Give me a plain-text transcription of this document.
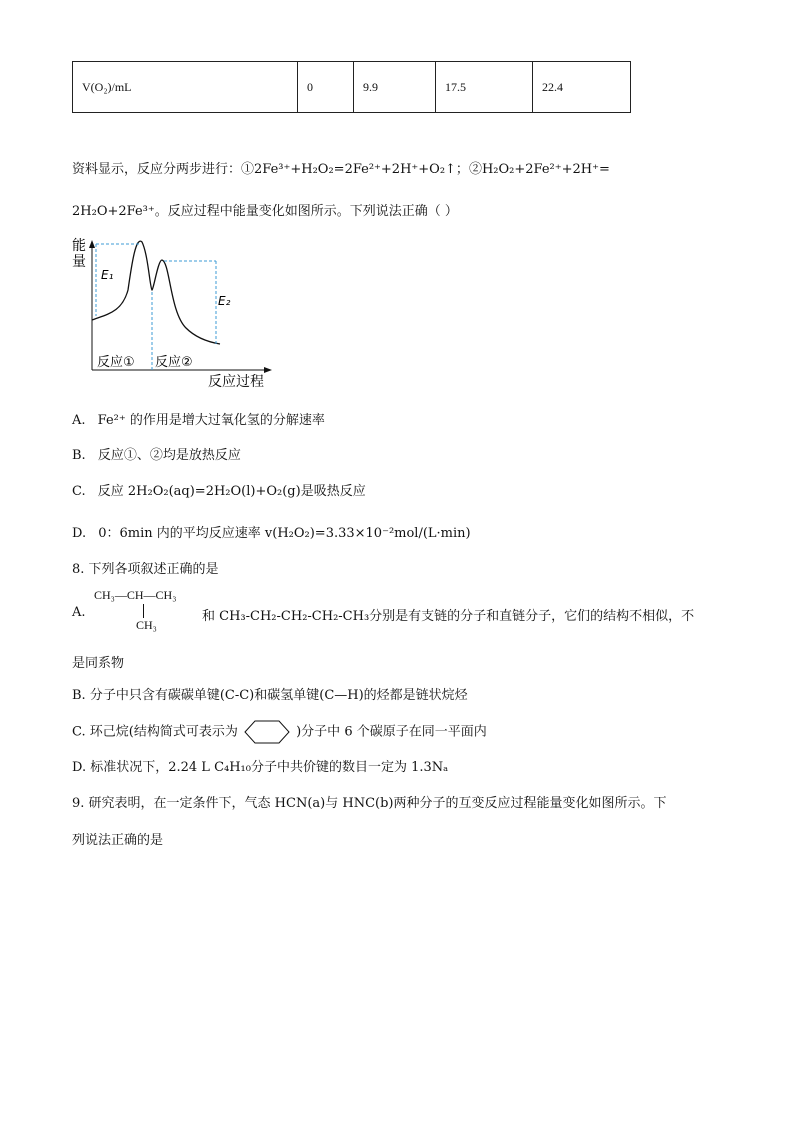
V(O₂)/mL	0	9.9	17.5	22.4
资料显示，反应分两步进行：①2Fe³⁺+H₂O₂=2Fe²⁺+2H⁺+O₂↑；②H₂O₂+2Fe²⁺+2H⁺=
2H₂O+2Fe³⁺。反应过程中能量变化如图所示。下列说法正确（ ）
能
量
E₁
E₂
反应① 反应②
反应过程
A. Fe²⁺ 的作用是增大过氧化氢的分解速率
B. 反应①、②均是放热反应
C. 反应 2H₂O₂(aq)=2H₂O(l)+O₂(g)是吸热反应
D. 0：6min 内的平均反应速率 v(H₂O₂)=3.33×10⁻²mol/(L·min)
8. 下列各项叙述正确的是
A.
CH₃—CH—CH₃
CH₃
和 CH₃-CH₂-CH₂-CH₂-CH₃分别是有支链的分子和直链分子，它们的结构不相似，不
是同系物
B. 分子中只含有碳碳单键(C-C)和碳氢单键(C—H)的烃都是链状烷烃
C. 环己烷(结构简式可表示为	)分子中 6 个碳原子在同一平面内
D. 标准状况下，2.24 L C₄H₁₀分子中共价键的数目一定为 1.3Nₐ
9. 研究表明，在一定条件下，气态 HCN(a)与 HNC(b)两种分子的互变反应过程能量变化如图所示。下
列说法正确的是
